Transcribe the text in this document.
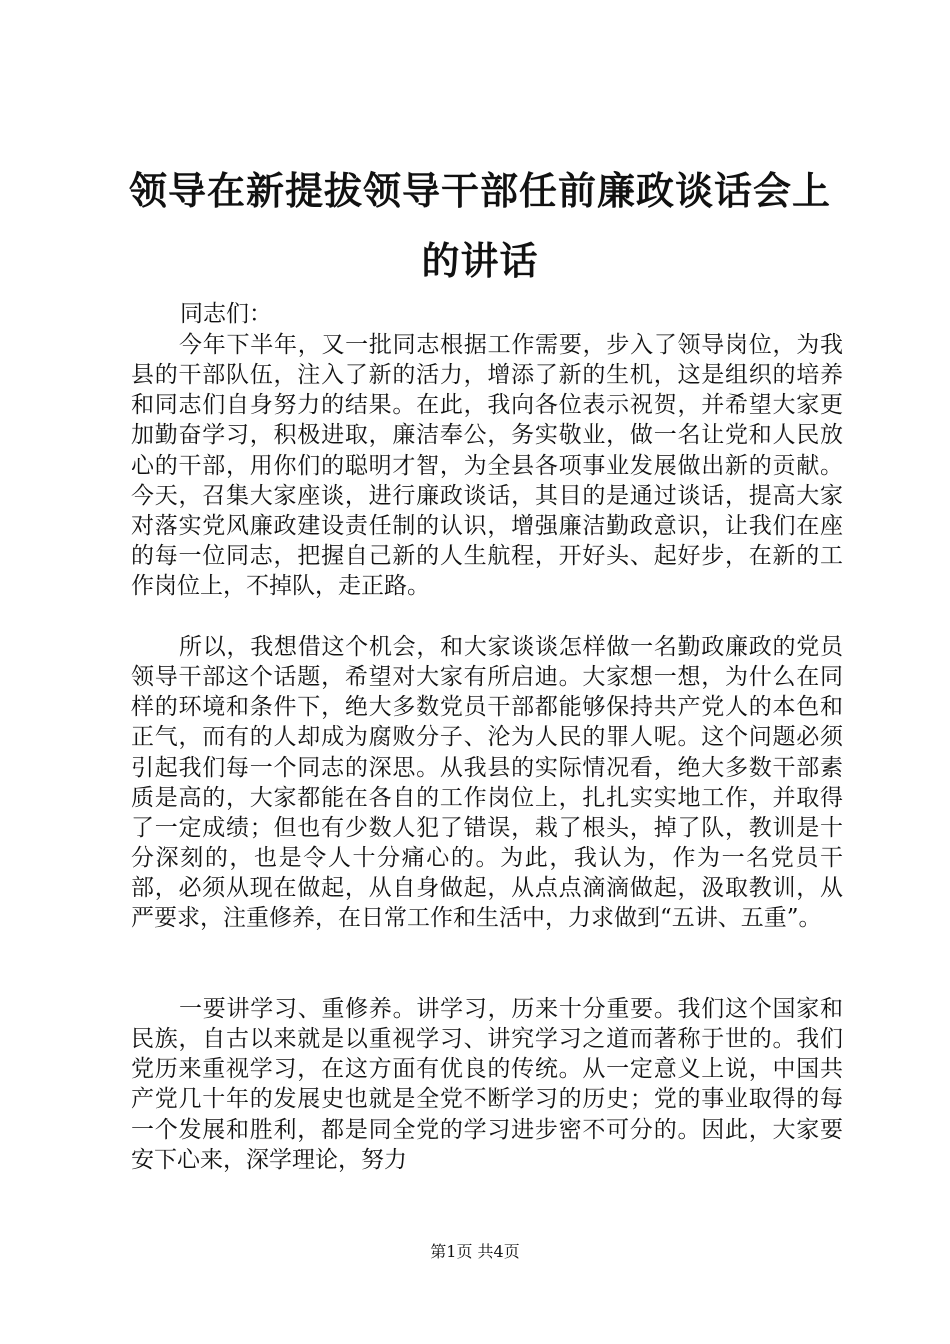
领导在新提拔领导干部任前廉政谈话会上的讲话

同志们：

今年下半年，又一批同志根据工作需要，步入了领导岗位，为我县的干部队伍，注入了新的活力，增添了新的生机，这是组织的培养和同志们自身努力的结果。在此，我向各位表示祝贺，并希望大家更加勤奋学习，积极进取，廉洁奉公，务实敬业，做一名让党和人民放心的干部，用你们的聪明才智，为全县各项事业发展做出新的贡献。今天，召集大家座谈，进行廉政谈话，其目的是通过谈话，提高大家对落实党风廉政建设责任制的认识，增强廉洁勤政意识，让我们在座的每一位同志，把握自己新的人生航程，开好头、起好步，在新的工作岗位上，不掉队，走正路。

所以，我想借这个机会，和大家谈谈怎样做一名勤政廉政的党员领导干部这个话题，希望对大家有所启迪。大家想一想，为什么在同样的环境和条件下，绝大多数党员干部都能够保持共产党人的本色和正气，而有的人却成为腐败分子、沦为人民的罪人呢。这个问题必须引起我们每一个同志的深思。从我县的实际情况看，绝大多数干部素质是高的，大家都能在各自的工作岗位上，扎扎实实地工作，并取得了一定成绩；但也有少数人犯了错误，栽了根头，掉了队，教训是十分深刻的，也是令人十分痛心的。为此，我认为，作为一名党员干部，必须从现在做起，从自身做起，从点点滴滴做起，汲取教训，从严要求，注重修养，在日常工作和生活中，力求做到“五讲、五重”。

一要讲学习、重修养。讲学习，历来十分重要。我们这个国家和民族，自古以来就是以重视学习、讲究学习之道而著称于世的。我们党历来重视学习，在这方面有优良的传统。从一定意义上说，中国共产党几十年的发展史也就是全党不断学习的历史；党的事业取得的每一个发展和胜利，都是同全党的学习进步密不可分的。因此，大家要安下心来，深学理论，努力

第1页 共4页
